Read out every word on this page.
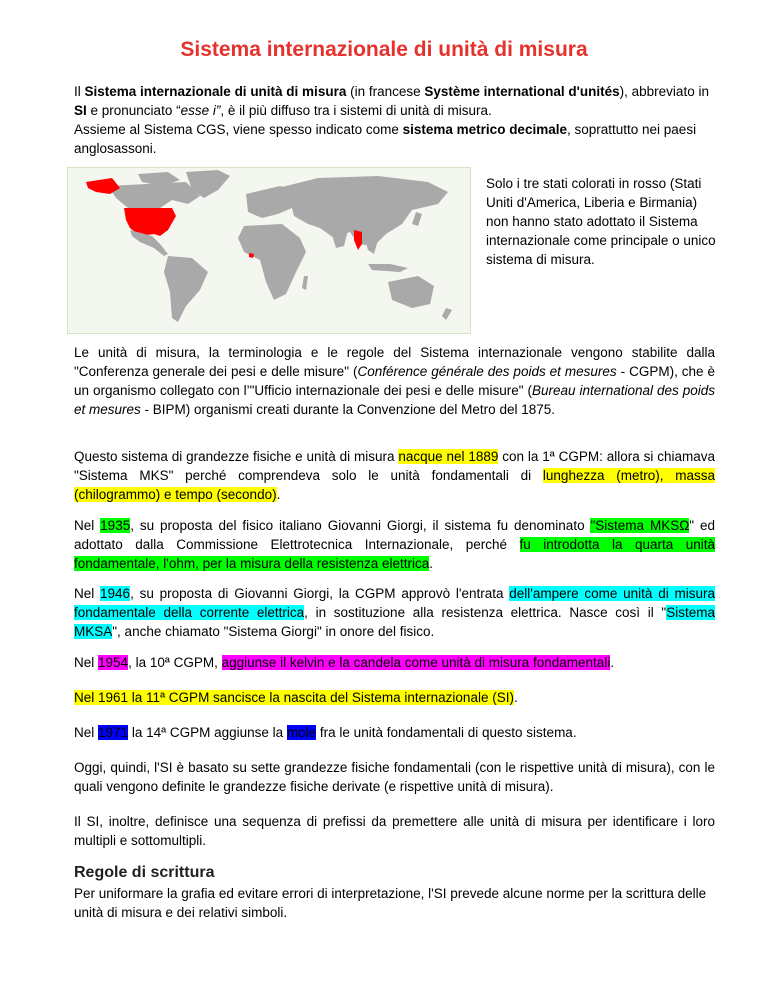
Sistema internazionale di unità di misura

Il Sistema internazionale di unità di misura (in francese Système international d'unités), abbreviato in SI e pronunciato “esse i”, è il più diffuso tra i sistemi di unità di misura.
Assieme al Sistema CGS, viene spesso indicato come sistema metrico decimale, soprattutto nei paesi anglosassoni.

Solo i tre stati colorati in rosso (Stati Uniti d'America, Liberia e Birmania) non hanno stato adottato il Sistema internazionale come principale o unico sistema di misura.

Le unità di misura, la terminologia e le regole del Sistema internazionale vengono stabilite dalla "Conferenza generale dei pesi e delle misure" (Conférence générale des poids et mesures - CGPM), che è un organismo collegato con l’"Ufficio internazionale dei pesi e delle misure" (Bureau international des poids et mesures - BIPM) organismi creati durante la Convenzione del Metro del 1875.

Questo sistema di grandezze fisiche e unità di misura nacque nel 1889 con la 1ª CGPM: allora si chiamava "Sistema MKS" perché comprendeva solo le unità fondamentali di lunghezza (metro), massa (chilogrammo) e tempo (secondo).

Nel 1935, su proposta del fisico italiano Giovanni Giorgi, il sistema fu denominato "Sistema MKSΩ" ed adottato dalla Commissione Elettrotecnica Internazionale, perché fu introdotta la quarta unità fondamentale, l'ohm, per la misura della resistenza elettrica.

Nel 1946, su proposta di Giovanni Giorgi, la CGPM approvò l'entrata dell'ampere come unità di misura fondamentale della corrente elettrica, in sostituzione alla resistenza elettrica. Nasce così il "Sistema MKSA", anche chiamato "Sistema Giorgi" in onore del fisico.

Nel 1954, la 10ª CGPM, aggiunse il kelvin e la candela come unità di misura fondamentali.

Nel 1961 la 11ª CGPM sancisce la nascita del Sistema internazionale (SI).

Nel 1971 la 14ª CGPM aggiunse la mole fra le unità fondamentali di questo sistema.

Oggi, quindi, l'SI è basato su sette grandezze fisiche fondamentali (con le rispettive unità di misura), con le quali vengono definite le grandezze fisiche derivate (e rispettive unità di misura).

Il SI, inoltre, definisce una sequenza di prefissi da premettere alle unità di misura per identificare i loro multipli e sottomultipli.

Regole di scrittura

Per uniformare la grafia ed evitare errori di interpretazione, l'SI prevede alcune norme per la scrittura delle unità di misura e dei relativi simboli.
